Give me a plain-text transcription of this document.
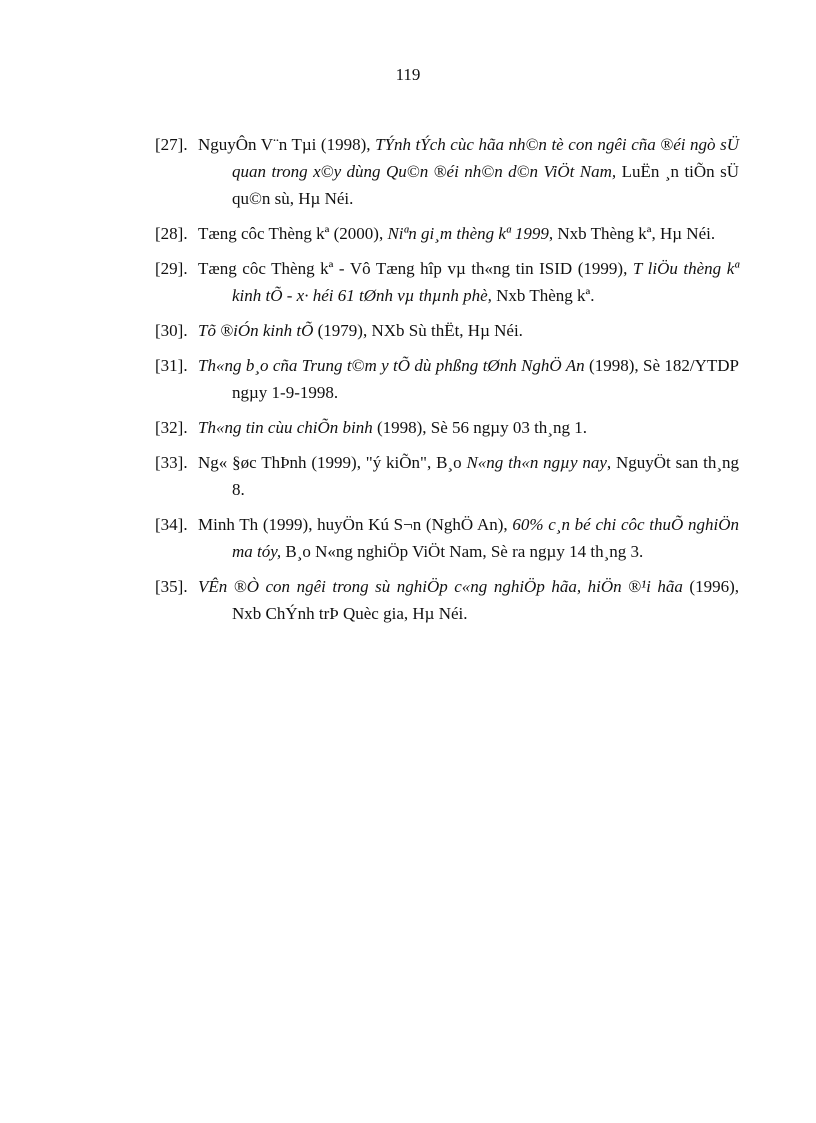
119
[27]. NguyÔn V¨n Tµi (1998), TÝnh tÝch cùc hãa nh©n tè con ngêi cña ®éi ngò sÜ quan trong x©y dùng Qu©n ®éi nh©n d©n ViÖt Nam, LuËn ¸n tiÕn sÜ qu©n sù, Hµ Néi.
[28]. Tæng côc Thèng kª (2000), Niªn gi¸m thèng kª 1999, Nxb Thèng kª, Hµ Néi.
[29]. Tæng côc Thèng kª - Vô Tæng hîp vµ th«ng tin ISID (1999), T liÖu thèng kª kinh tÕ - x· héi 61 tØnh vµ thµnh phè, Nxb Thèng kª.
[30]. Tõ ®iÓn kinh tÕ (1979), NXb Sù thËt, Hµ Néi.
[31]. Th«ng b¸o cña Trung t©m y tÕ dù phßng tØnh NghÖ An (1998), Sè 182/YTDP ngµy 1-9-1998.
[32]. Th«ng tin cùu chiÕn binh (1998), Sè 56 ngµy 03 th¸ng 1.
[33]. Ng« §øc ThÞnh (1999), "ý kiÕn", B¸o N«ng th«n ngµy nay, NguyÖt san th¸ng 8.
[34]. Minh Th (1999), huyÖn Kú S¬n (NghÖ An), 60% c¸n bé chi côc thuÕ nghiÖn ma tóy, B¸o N«ng nghiÖp ViÖt Nam, Sè ra ngµy 14 th¸ng 3.
[35]. VÊn ®Ò con ngêi trong sù nghiÖp c«ng nghiÖp hãa, hiÖn ®¹i hãa (1996), Nxb ChÝnh trÞ Quèc gia, Hµ Néi.
